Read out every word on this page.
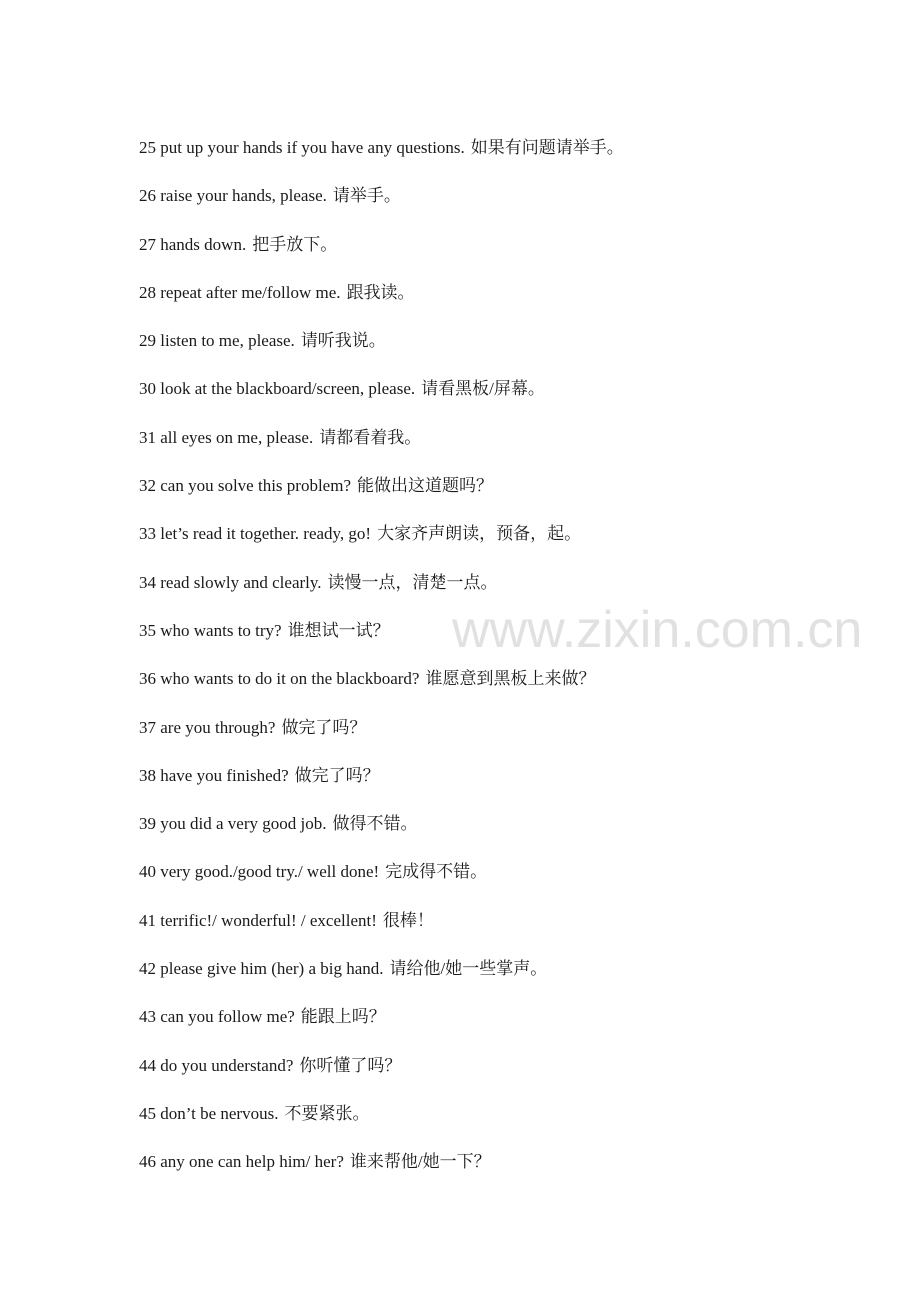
25 put up your hands if you have any questions. 如果有问题请举手。
26 raise your hands, please. 请举手。
27 hands down. 把手放下。
28 repeat after me/follow me. 跟我读。
29 listen to me, please. 请听我说。
30 look at the blackboard/screen, please. 请看黑板/屏幕。
31 all eyes on me, please. 请都看着我。
32 can you solve this problem? 能做出这道题吗？
33 let’s read it together. ready, go! 大家齐声朗读，预备，起。
34 read slowly and clearly. 读慢一点，清楚一点。
35 who wants to try? 谁想试一试？
36 who wants to do it on the blackboard? 谁愿意到黑板上来做？
37 are you through? 做完了吗？
38 have you finished? 做完了吗？
39 you did a very good job. 做得不错。
40 very good./good try./ well done! 完成得不错。
41 terrific!/ wonderful! / excellent! 很棒！
42 please give him (her) a big hand. 请给他/她一些掌声。
43 can you follow me? 能跟上吗？
44 do you understand? 你听懂了吗？
45 don’t be nervous. 不要紧张。
46 any one can help him/ her? 谁来帮他/她一下？
www.zixin.com.cn
